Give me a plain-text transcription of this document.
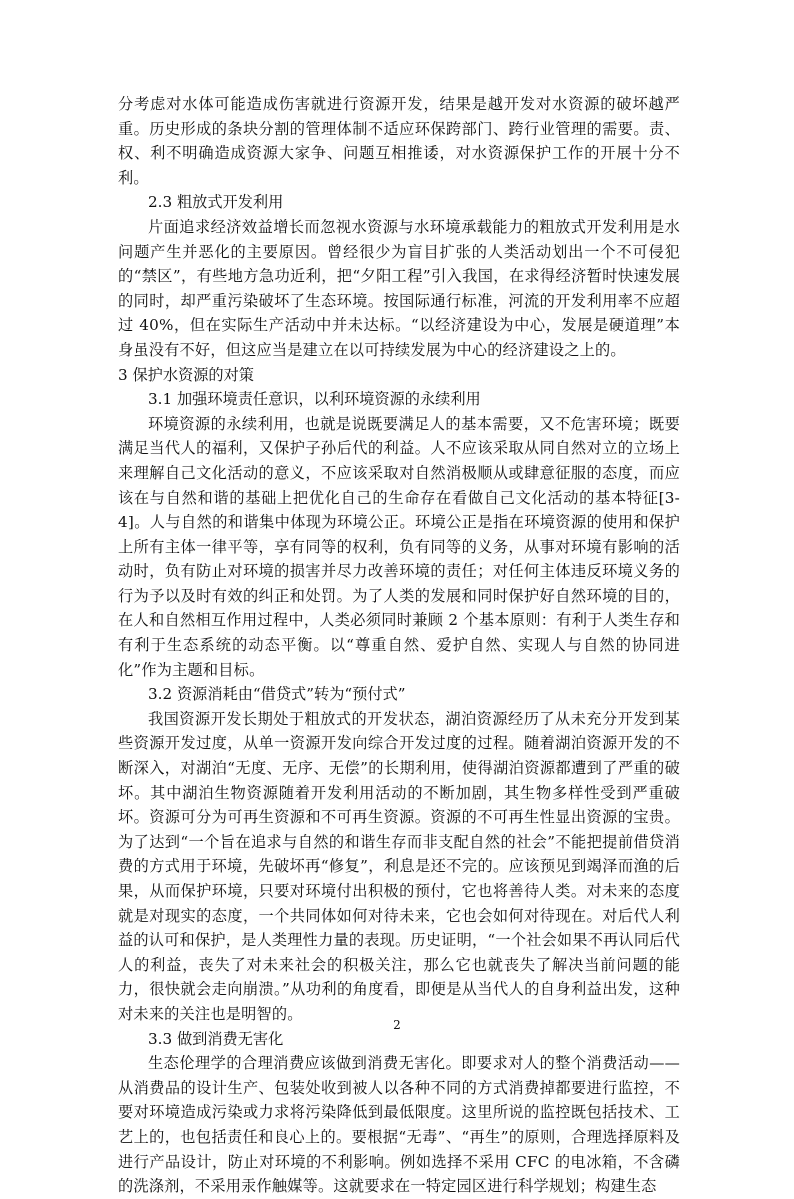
分考虑对水体可能造成伤害就进行资源开发，结果是越开发对水资源的破坏越严重。历史形成的条块分割的管理体制不适应环保跨部门、跨行业管理的需要。责、权、利不明确造成资源大家争、问题互相推诿，对水资源保护工作的开展十分不利。

2.3 粗放式开发利用

片面追求经济效益增长而忽视水资源与水环境承载能力的粗放式开发利用是水问题产生并恶化的主要原因。曾经很少为盲目扩张的人类活动划出一个不可侵犯的“禁区”，有些地方急功近利，把“夕阳工程”引入我国，在求得经济暂时快速发展的同时，却严重污染破坏了生态环境。按国际通行标准，河流的开发利用率不应超过 40%，但在实际生产活动中并未达标。“以经济建设为中心，发展是硬道理”本身虽没有不好，但这应当是建立在以可持续发展为中心的经济建设之上的。

3 保护水资源的对策

3.1 加强环境责任意识，以利环境资源的永续利用

环境资源的永续利用，也就是说既要满足人的基本需要，又不危害环境；既要满足当代人的福利，又保护子孙后代的利益。人不应该采取从同自然对立的立场上来理解自己文化活动的意义，不应该采取对自然消极顺从或肆意征服的态度，而应该在与自然和谐的基础上把优化自己的生命存在看做自己文化活动的基本特征[3-4]。人与自然的和谐集中体现为环境公正。环境公正是指在环境资源的使用和保护上所有主体一律平等，享有同等的权利，负有同等的义务，从事对环境有影响的活动时，负有防止对环境的损害并尽力改善环境的责任；对任何主体违反环境义务的行为予以及时有效的纠正和处罚。为了人类的发展和同时保护好自然环境的目的，在人和自然相互作用过程中，人类必须同时兼顾 2 个基本原则：有利于人类生存和有利于生态系统的动态平衡。以“尊重自然、爱护自然、实现人与自然的协同进化”作为主题和目标。

3.2 资源消耗由“借贷式”转为“预付式”

我国资源开发长期处于粗放式的开发状态，湖泊资源经历了从未充分开发到某些资源开发过度，从单一资源开发向综合开发过度的过程。随着湖泊资源开发的不断深入，对湖泊“无度、无序、无偿”的长期利用，使得湖泊资源都遭到了严重的破坏。其中湖泊生物资源随着开发利用活动的不断加剧，其生物多样性受到严重破坏。资源可分为可再生资源和不可再生资源。资源的不可再生性显出资源的宝贵。为了达到“一个旨在追求与自然的和谐生存而非支配自然的社会”不能把提前借贷消费的方式用于环境，先破坏再“修复”，利息是还不完的。应该预见到竭泽而渔的后果，从而保护环境，只要对环境付出积极的预付，它也将善待人类。对未来的态度就是对现实的态度，一个共同体如何对待未来，它也会如何对待现在。对后代人利益的认可和保护，是人类理性力量的表现。历史证明，“一个社会如果不再认同后代人的利益，丧失了对未来社会的积极关注，那么它也就丧失了解决当前问题的能力，很快就会走向崩溃。”从功利的角度看，即便是从当代人的自身利益出发，这种对未来的关注也是明智的。

3.3 做到消费无害化

生态伦理学的合理消费应该做到消费无害化。即要求对人的整个消费活动——从消费品的设计生产、包装处收到被人以各种不同的方式消费掉都要进行监控，不要对环境造成污染或力求将污染降低到最低限度。这里所说的监控既包括技术、工艺上的，也包括责任和良心上的。要根据“无毒”、“再生”的原则，合理选择原料及进行产品设计，防止对环境的不利影响。例如选择不采用 CFC 的电冰箱，不含磷的洗涤剂，不采用汞作触媒等。这就要求在一特定园区进行科学规划；构建生态

2
